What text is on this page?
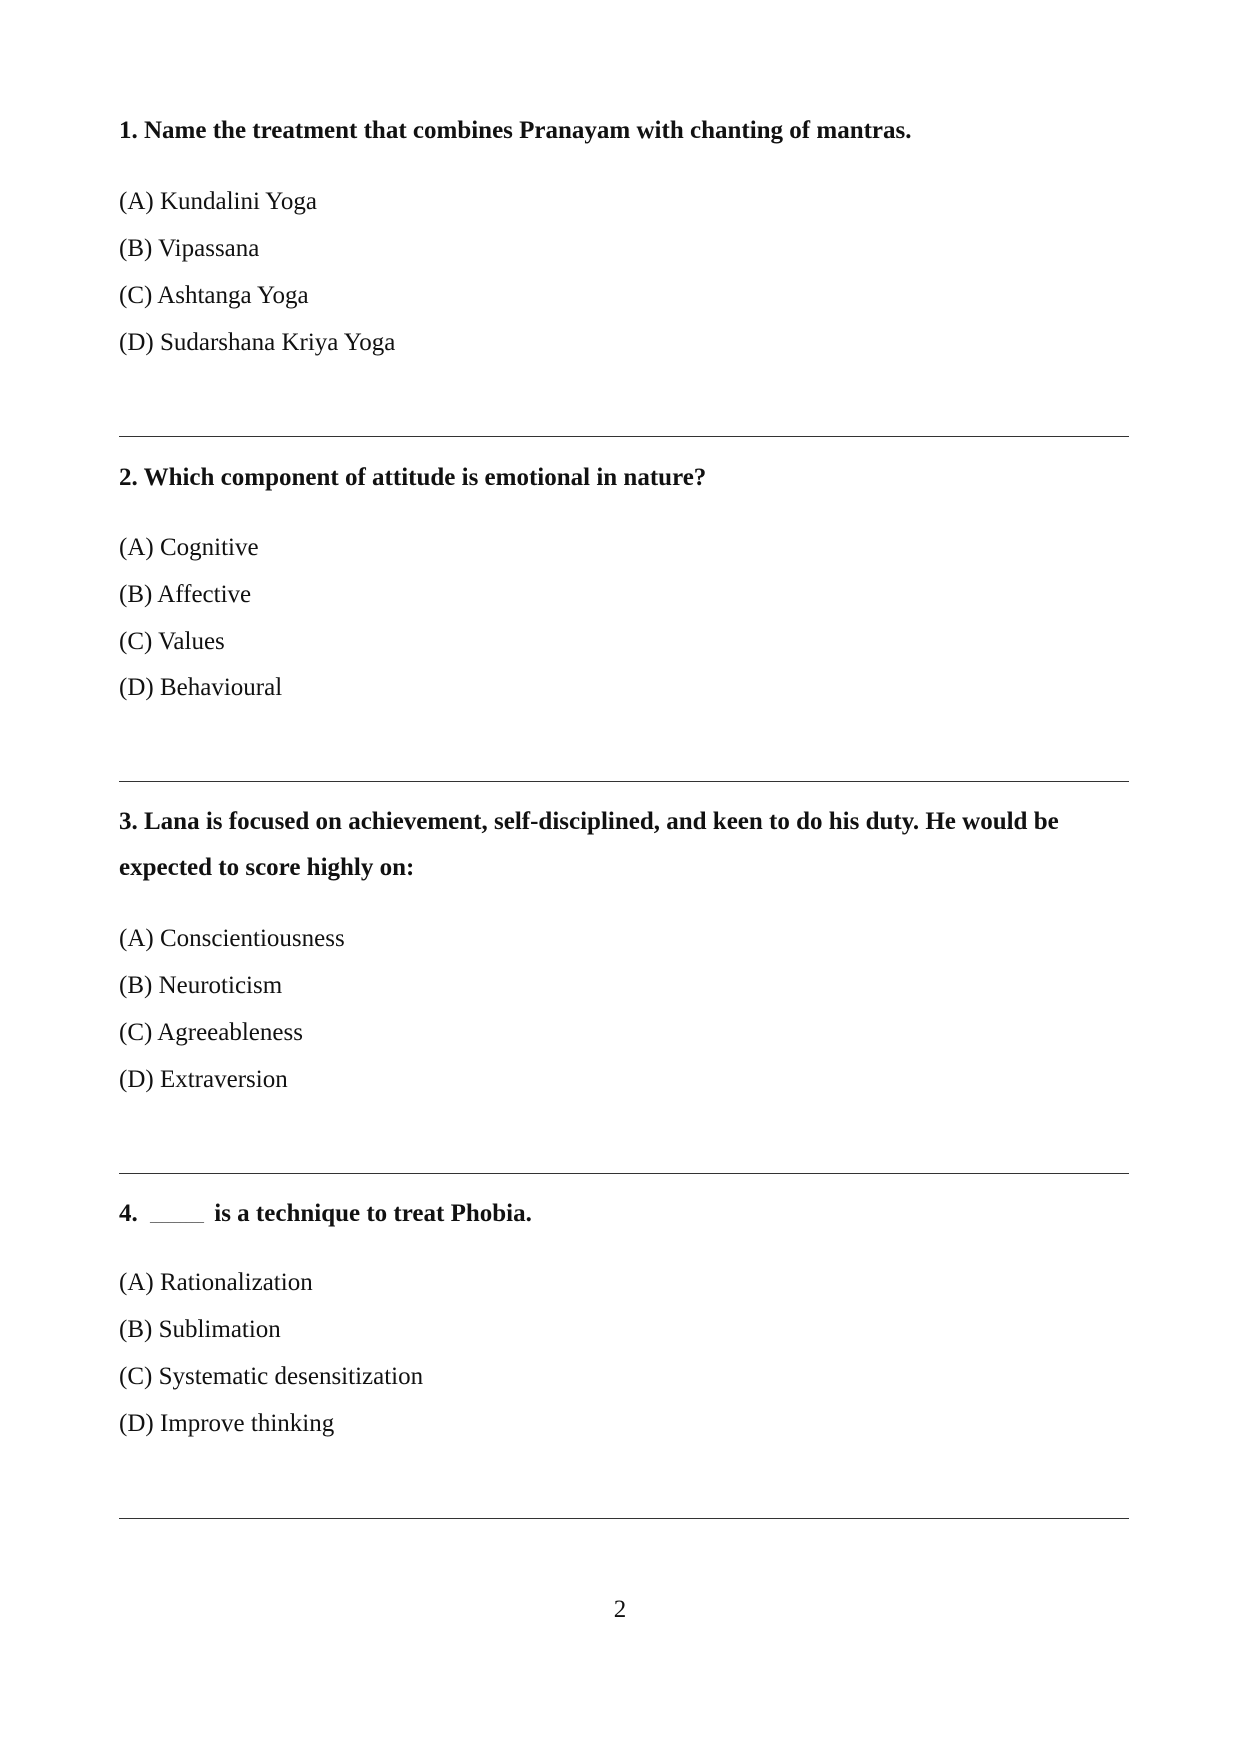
1. Name the treatment that combines Pranayam with chanting of mantras.

(A) Kundalini Yoga

(B) Vipassana

(C) Ashtanga Yoga

(D) Sudarshana Kriya Yoga

2. Which component of attitude is emotional in nature?

(A) Cognitive

(B) Affective

(C) Values

(D) Behavioural

3. Lana is focused on achievement, self-disciplined, and keen to do his duty. He would be expected to score highly on:

(A) Conscientiousness

(B) Neuroticism

(C) Agreeableness

(D) Extraversion

4. _________ is a technique to treat Phobia.

(A) Rationalization

(B) Sublimation

(C) Systematic desensitization

(D) Improve thinking

2
